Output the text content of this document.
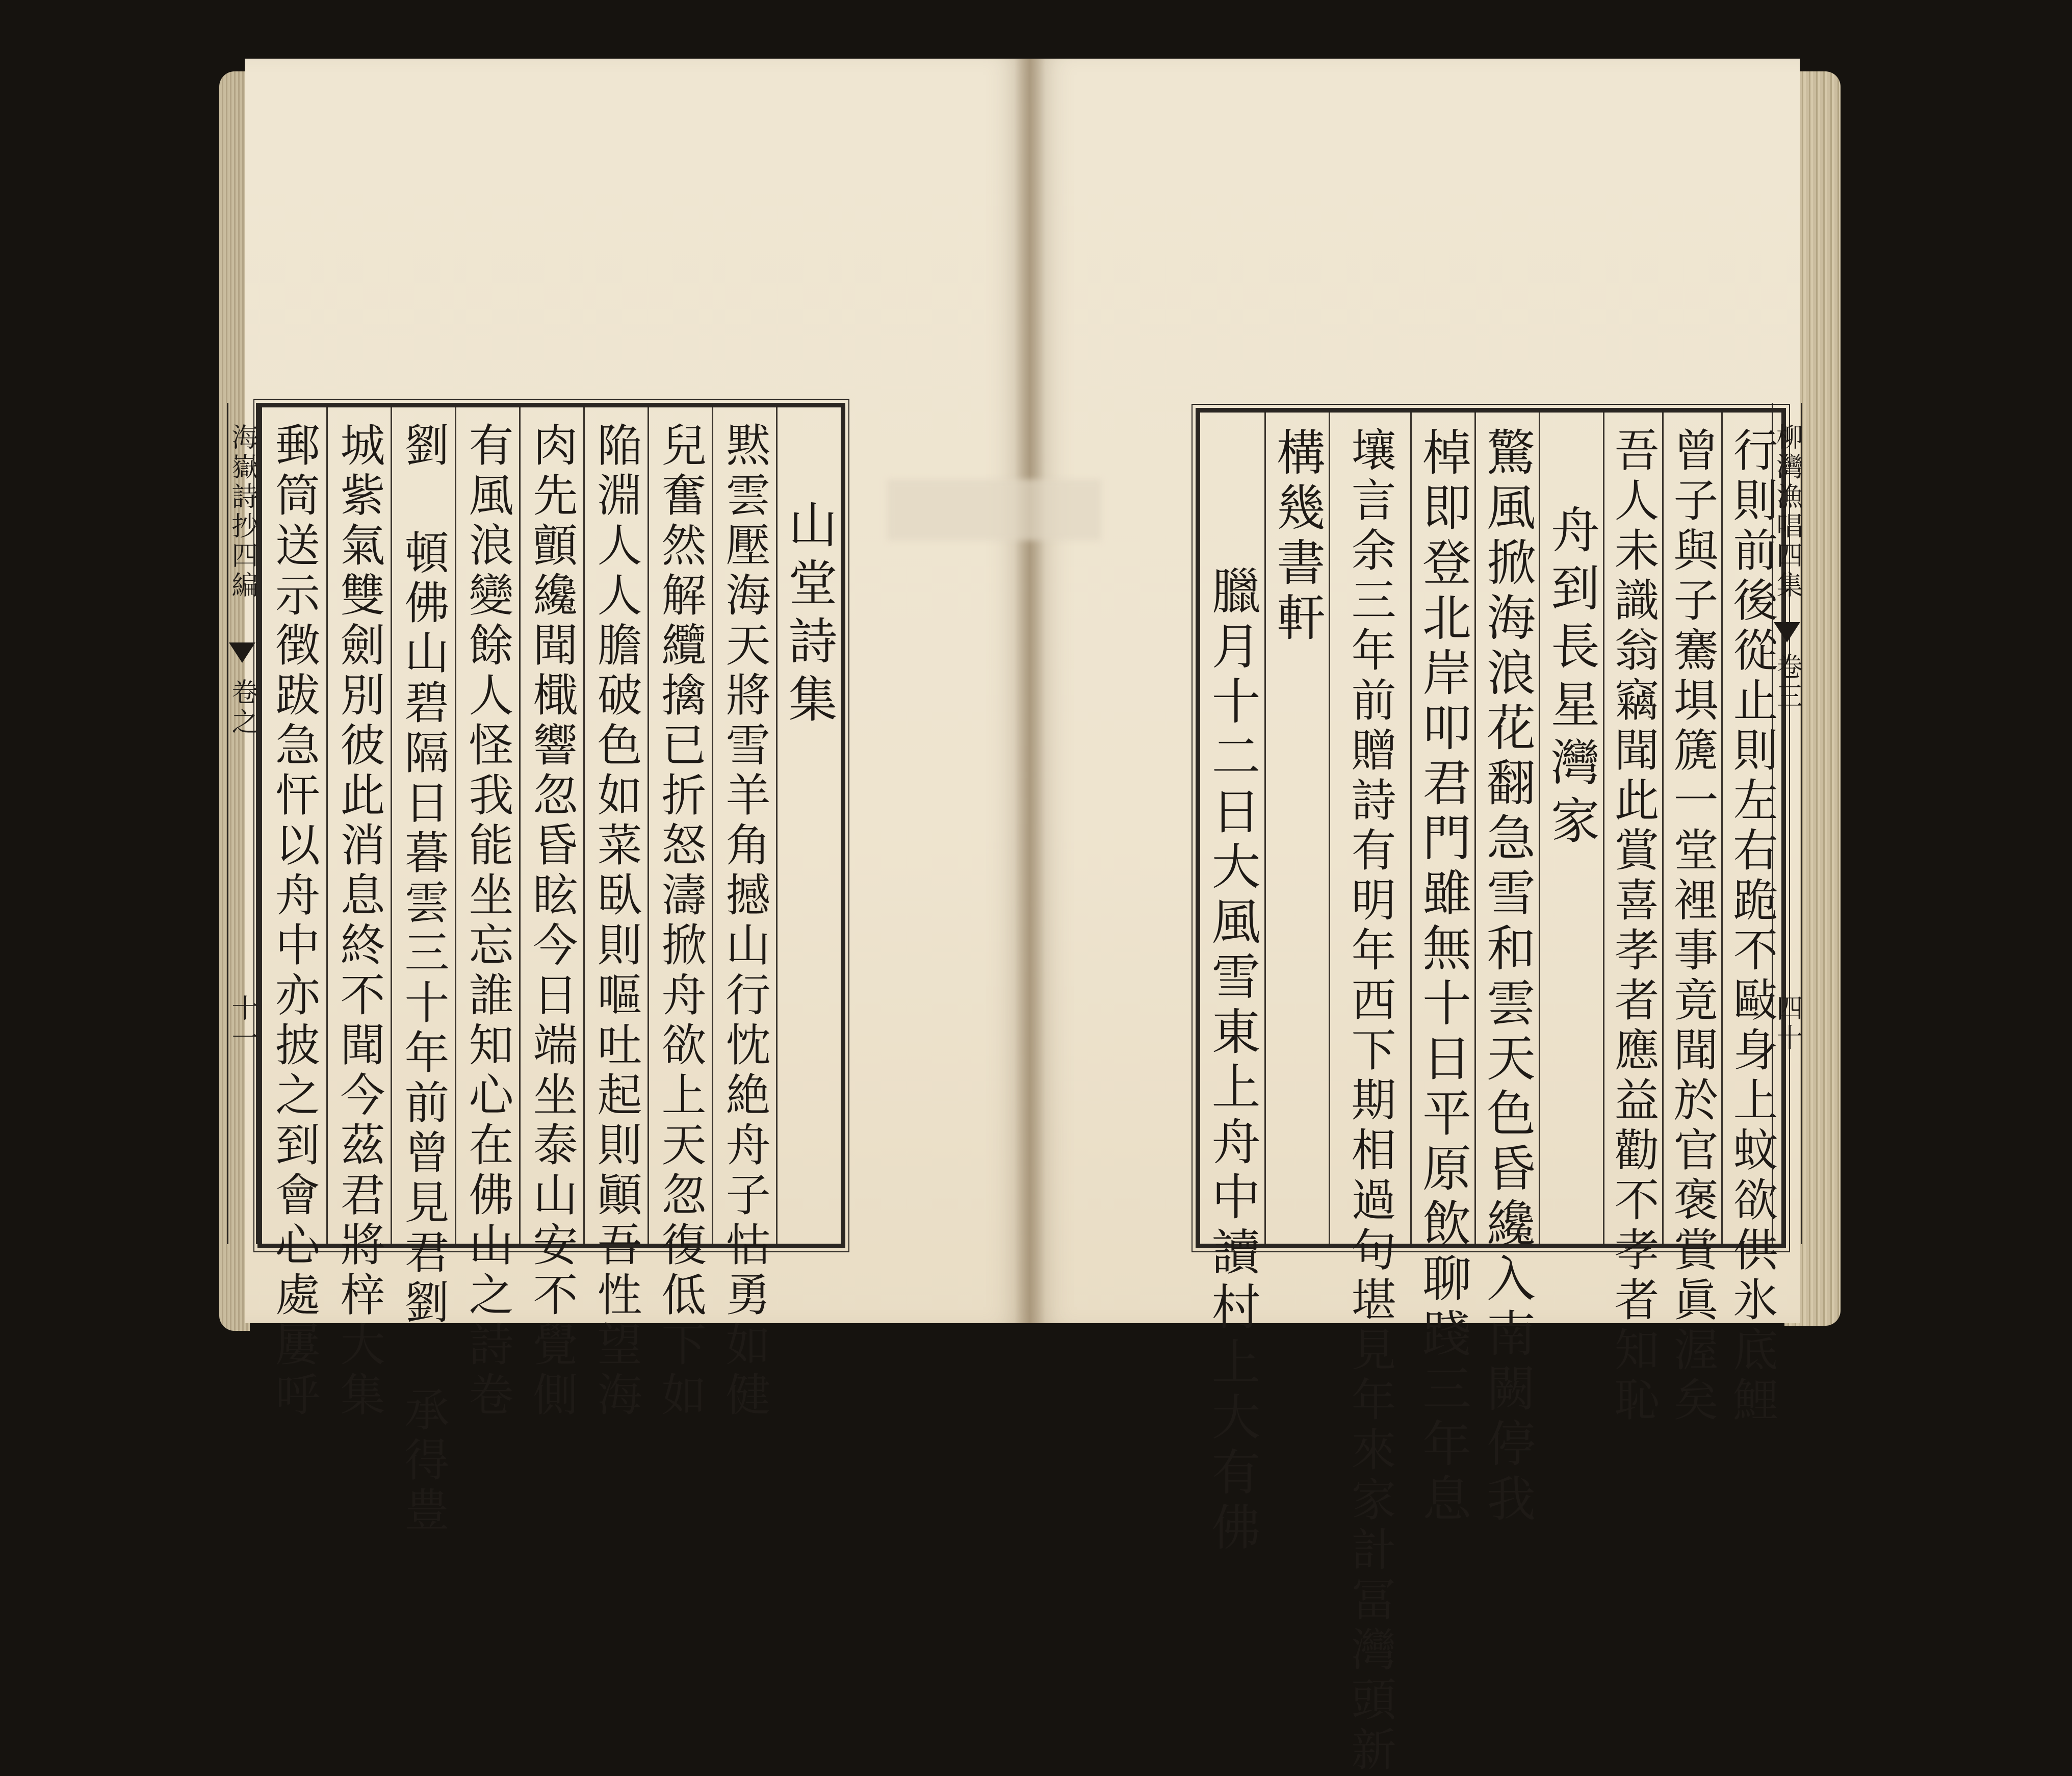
海嶽詩抄四編
卷之
十一 郵筒送示徴跋急忓以舟中亦披之到會心處屢呼 城紫氣雙劍別彼此消息終不聞今茲君將梓大集 劉 頓佛山碧隔日暮雲三十年前曾見君劉 承得豊 有風浪變餘人怪我能坐忘誰知心在佛山之詩卷 肉先顫纔聞檝響忽昏眩今日端坐泰山安不覺側 陥淵人人膽破色如菜臥則嘔吐起則顚吾性望海 兒奮然解纜擒已折怒濤掀舟欲上天忽復低下如 黙雲壓海天將雪羊角撼山行忱絶舟子怙勇如健 山堂詩集	臘月十二日大風雪東上舟中讀村上大有佛
構幾書軒 壤言余三年前贈詩有明年西下期相過句堪見年來家計冨灣頭新 棹即登北岸叩君門雖無十日平原飲聊踐三年息 驚風掀海浪花翻急雪和雲天色昏纔入南闕停我 舟到長星灣家 吾人未識翁竊聞此賞喜孝者應益勸不孝者知恥 曾子與子騫埧篪一堂裡事竟聞於官褒賞眞渥矣 行則前後從止則左右跪不敺身上蚊欲供氷底鯉
柳灣漁唱四集
卷三
四十
